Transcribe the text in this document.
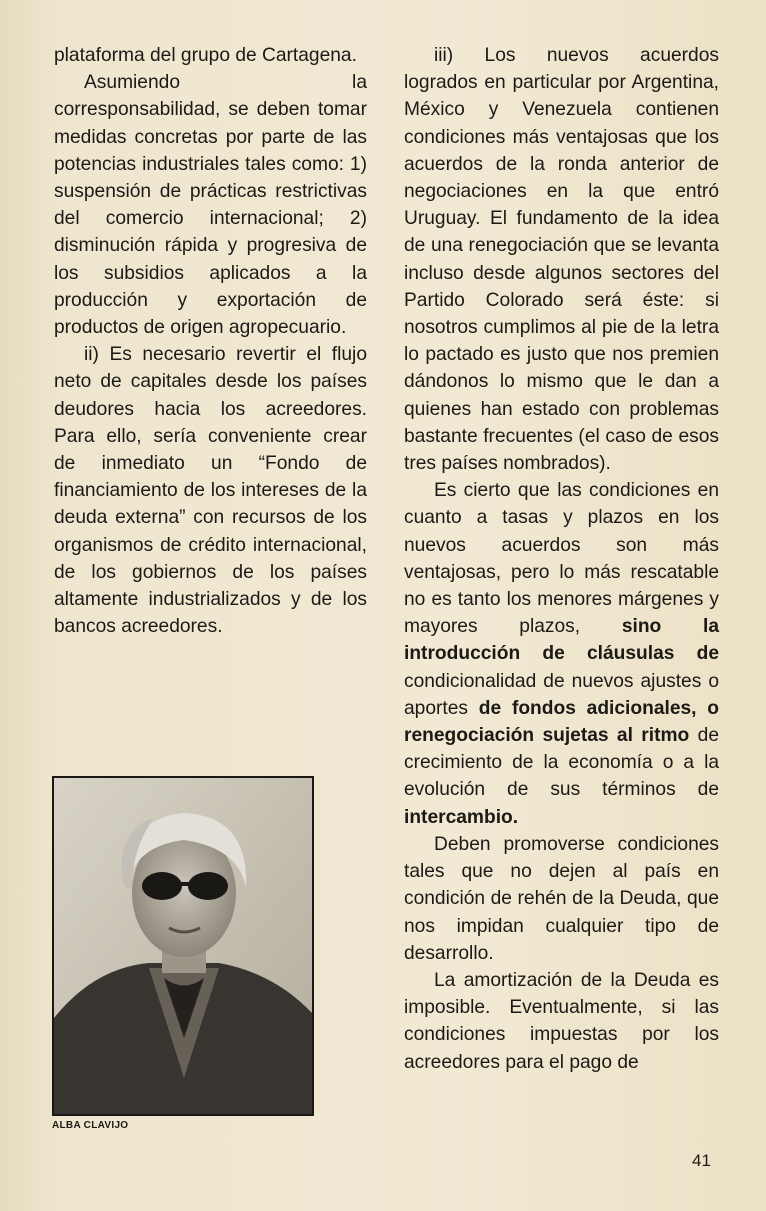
plataforma del grupo de Cartagena.

Asumiendo la corresponsabilidad, se deben tomar medidas concretas por parte de las potencias industriales tales como: 1) suspensión de prácticas restrictivas del comercio internacional; 2) disminución rápida y progresiva de los subsidios aplicados a la producción y exportación de productos de origen agropecuario.

ii) Es necesario revertir el flujo neto de capitales desde los países deudores hacia los acreedores. Para ello, sería conveniente crear de inmediato un “Fondo de financiamiento de los intereses de la deuda externa” con recursos de los organismos de crédito internacional, de los gobiernos de los países altamente industrializados y de los bancos acreedores.

ALBA CLAVIJO

iii) Los nuevos acuerdos logrados en particular por Argentina, México y Venezuela contienen condiciones más ventajosas que los acuerdos de la ronda anterior de negociaciones en la que entró Uruguay. El fundamento de la idea de una renegociación que se levanta incluso desde algunos sectores del Partido Colorado será éste: si nosotros cumplimos al pie de la letra lo pactado es justo que nos premien dándonos lo mismo que le dan a quienes han estado con problemas bastante frecuentes (el caso de esos tres países nombrados).

Es cierto que las condiciones en cuanto a tasas y plazos en los nuevos acuerdos son más ventajosas, pero lo más rescatable no es tanto los menores márgenes y mayores plazos, sino la introducción de cláusulas de condicionalidad de nuevos ajustes o aportes de fondos adicionales, o renegociación sujetas al ritmo de crecimiento de la economía o a la evolución de sus términos de intercambio.

Deben promoverse condiciones tales que no dejen al país en condición de rehén de la Deuda, que nos impidan cualquier tipo de desarrollo.

La amortización de la Deuda es imposible. Eventualmente, si las condiciones impuestas por los acreedores para el pago de

41
